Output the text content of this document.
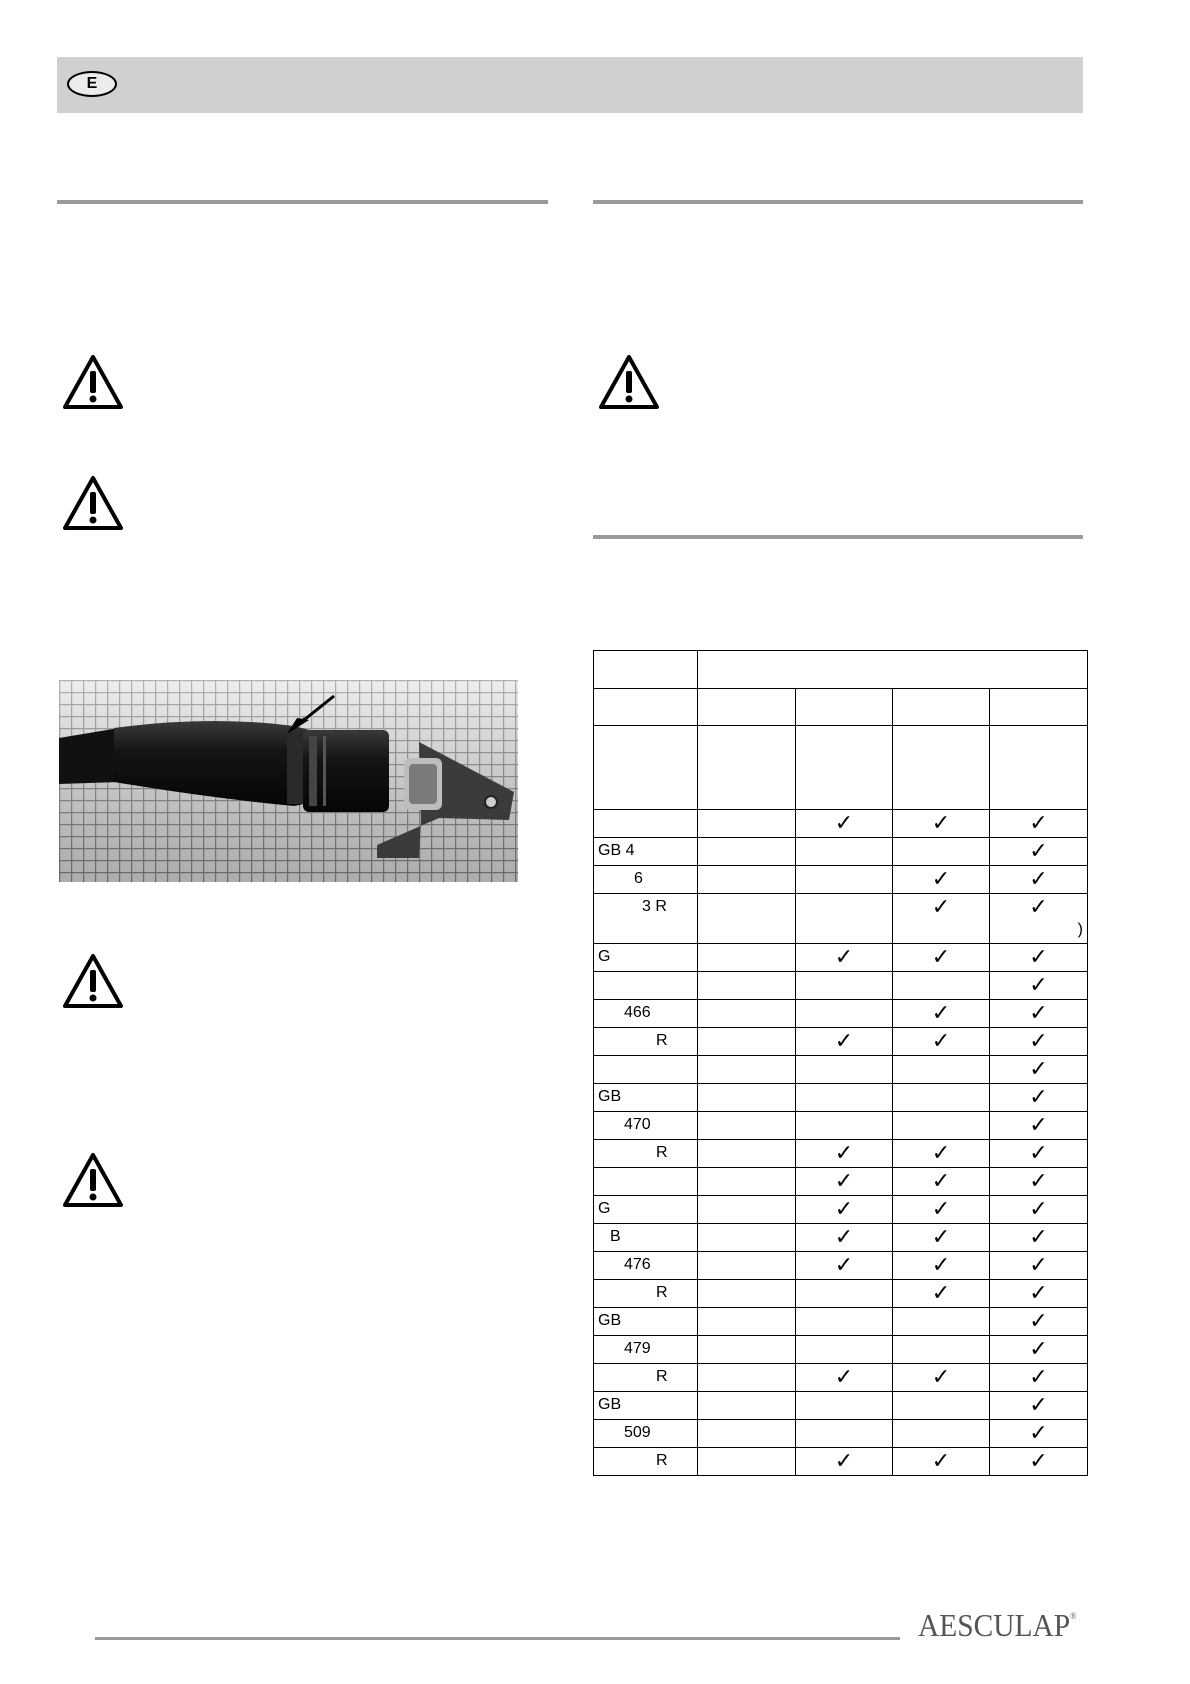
E

		✓	✓	✓
GB 4				✓
6			✓	✓
3 R			✓	✓
)

G		✓	✓	✓
				✓
466			✓	✓
R		✓	✓	✓
				✓
GB				✓
470				✓
R		✓	✓	✓
		✓	✓	✓
G		✓	✓	✓
B		✓	✓	✓
476		✓	✓	✓
R			✓	✓
GB				✓
479				✓
R		✓	✓	✓
GB				✓
509				✓
R		✓	✓	✓
AESCULAP®
